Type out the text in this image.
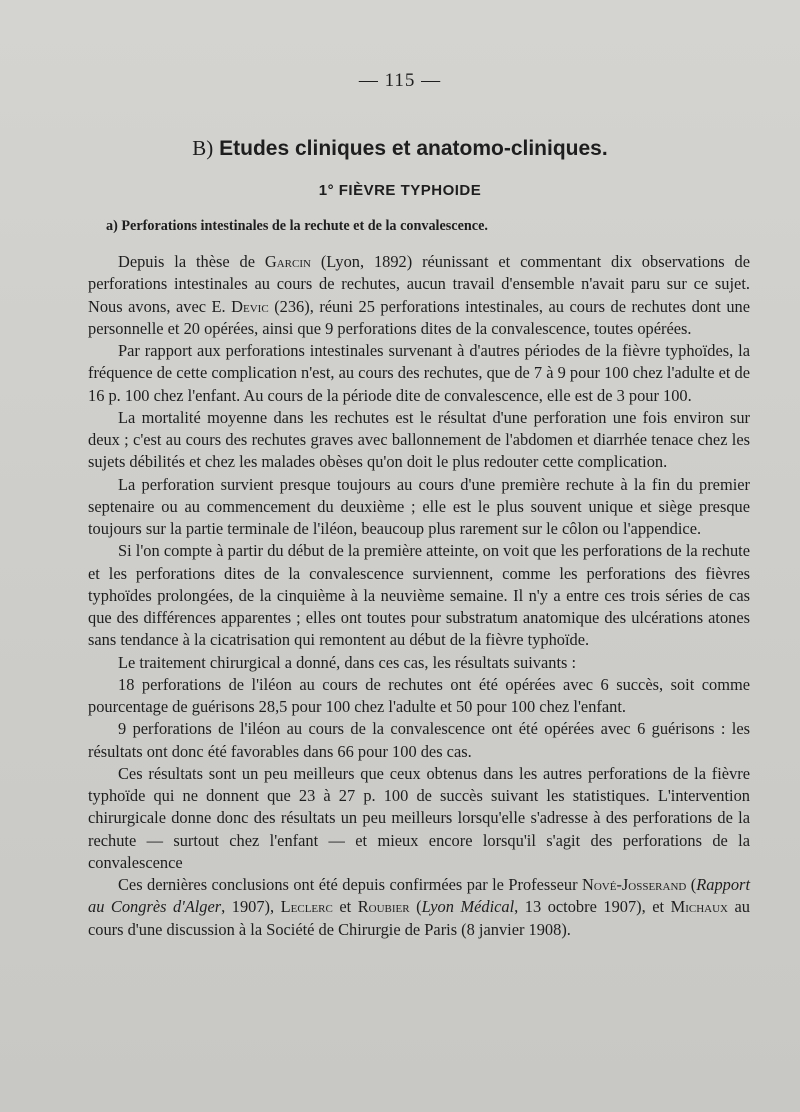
— 115 —
B) Etudes cliniques et anatomo-cliniques.
1° FIÈVRE TYPHOIDE
a) Perforations intestinales de la rechute et de la convalescence.

Depuis la thèse de Garcin (Lyon, 1892) réunissant et commentant dix observations de perforations intestinales au cours de rechutes, aucun travail d'ensemble n'avait paru sur ce sujet. Nous avons, avec E. Devic (236), réuni 25 perforations intestinales, au cours de rechutes dont une personnelle et 20 opérées, ainsi que 9 perforations dites de la convalescence, toutes opérées.

Par rapport aux perforations intestinales survenant à d'autres périodes de la fièvre typhoïdes, la fréquence de cette complication n'est, au cours des rechutes, que de 7 à 9 pour 100 chez l'adulte et de 16 p. 100 chez l'enfant. Au cours de la période dite de convalescence, elle est de 3 pour 100.

La mortalité moyenne dans les rechutes est le résultat d'une perforation une fois environ sur deux ; c'est au cours des rechutes graves avec ballonnement de l'abdomen et diarrhée tenace chez les sujets débilités et chez les malades obèses qu'on doit le plus redouter cette complication.

La perforation survient presque toujours au cours d'une première rechute à la fin du premier septenaire ou au commencement du deuxième ; elle est le plus souvent unique et siège presque toujours sur la partie terminale de l'iléon, beaucoup plus rarement sur le côlon ou l'appendice.

Si l'on compte à partir du début de la première atteinte, on voit que les perforations de la rechute et les perforations dites de la convalescence surviennent, comme les perforations des fièvres typhoïdes prolongées, de la cinquième à la neuvième semaine. Il n'y a entre ces trois séries de cas que des différences apparentes ; elles ont toutes pour substratum anatomique des ulcérations atones sans tendance à la cicatrisation qui remontent au début de la fièvre typhoïde.

Le traitement chirurgical a donné, dans ces cas, les résultats suivants :

18 perforations de l'iléon au cours de rechutes ont été opérées avec 6 succès, soit comme pourcentage de guérisons 28,5 pour 100 chez l'adulte et 50 pour 100 chez l'enfant.

9 perforations de l'iléon au cours de la convalescence ont été opérées avec 6 guérisons : les résultats ont donc été favorables dans 66 pour 100 des cas.

Ces résultats sont un peu meilleurs que ceux obtenus dans les autres perforations de la fièvre typhoïde qui ne donnent que 23 à 27 p. 100 de succès suivant les statistiques. L'intervention chirurgicale donne donc des résultats un peu meilleurs lorsqu'elle s'adresse à des perforations de la rechute — surtout chez l'enfant — et mieux encore lorsqu'il s'agit des perforations de la convalescence

Ces dernières conclusions ont été depuis confirmées par le Professeur Nové-Josserand (Rapport au Congrès d'Alger, 1907), Leclerc et Roubier (Lyon Médical, 13 octobre 1907), et Michaux au cours d'une discussion à la Société de Chirurgie de Paris (8 janvier 1908).
